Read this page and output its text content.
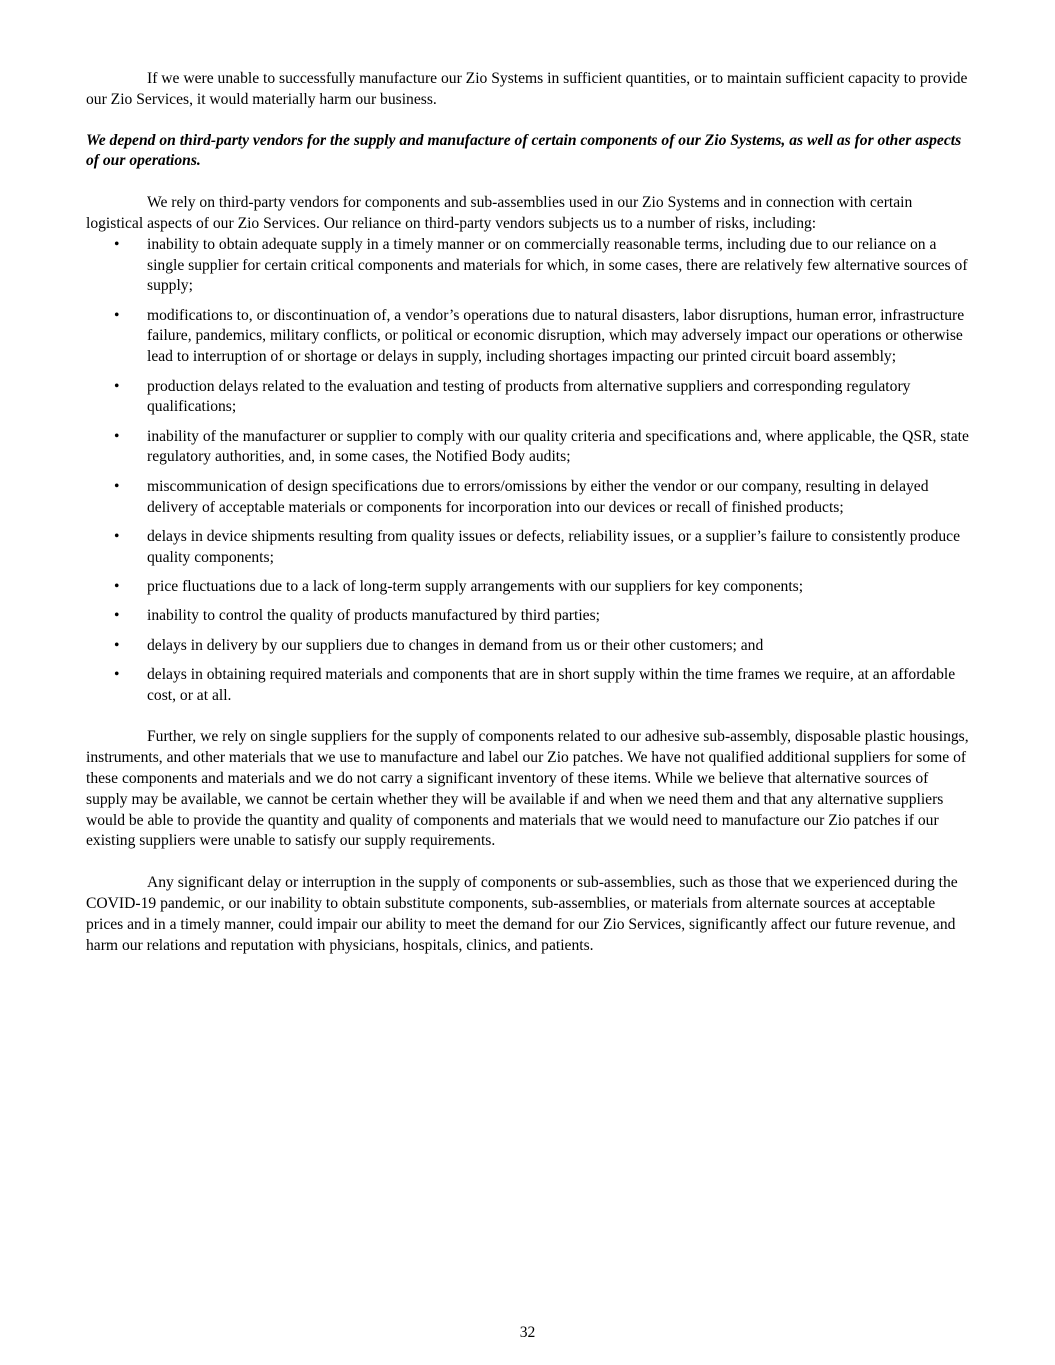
If we were unable to successfully manufacture our Zio Systems in sufficient quantities, or to maintain sufficient capacity to provide our Zio Services, it would materially harm our business.

We depend on third-party vendors for the supply and manufacture of certain components of our Zio Systems, as well as for other aspects of our operations.

We rely on third-party vendors for components and sub-assemblies used in our Zio Systems and in connection with certain logistical aspects of our Zio Services. Our reliance on third-party vendors subjects us to a number of risks, including:

• inability to obtain adequate supply in a timely manner or on commercially reasonable terms, including due to our reliance on a single supplier for certain critical components and materials for which, in some cases, there are relatively few alternative sources of supply;
• modifications to, or discontinuation of, a vendor’s operations due to natural disasters, labor disruptions, human error, infrastructure failure, pandemics, military conflicts, or political or economic disruption, which may adversely impact our operations or otherwise lead to interruption of or shortage or delays in supply, including shortages impacting our printed circuit board assembly;
• production delays related to the evaluation and testing of products from alternative suppliers and corresponding regulatory qualifications;
• inability of the manufacturer or supplier to comply with our quality criteria and specifications and, where applicable, the QSR, state regulatory authorities, and, in some cases, the Notified Body audits;
• miscommunication of design specifications due to errors/omissions by either the vendor or our company, resulting in delayed delivery of acceptable materials or components for incorporation into our devices or recall of finished products;
• delays in device shipments resulting from quality issues or defects, reliability issues, or a supplier’s failure to consistently produce quality components;
• price fluctuations due to a lack of long-term supply arrangements with our suppliers for key components;
• inability to control the quality of products manufactured by third parties;
• delays in delivery by our suppliers due to changes in demand from us or their other customers; and
• delays in obtaining required materials and components that are in short supply within the time frames we require, at an affordable cost, or at all.

Further, we rely on single suppliers for the supply of components related to our adhesive sub-assembly, disposable plastic housings, instruments, and other materials that we use to manufacture and label our Zio patches. We have not qualified additional suppliers for some of these components and materials and we do not carry a significant inventory of these items. While we believe that alternative sources of supply may be available, we cannot be certain whether they will be available if and when we need them and that any alternative suppliers would be able to provide the quantity and quality of components and materials that we would need to manufacture our Zio patches if our existing suppliers were unable to satisfy our supply requirements.

Any significant delay or interruption in the supply of components or sub-assemblies, such as those that we experienced during the COVID-19 pandemic, or our inability to obtain substitute components, sub-assemblies, or materials from alternate sources at acceptable prices and in a timely manner, could impair our ability to meet the demand for our Zio Services, significantly affect our future revenue, and harm our relations and reputation with physicians, hospitals, clinics, and patients.

32
